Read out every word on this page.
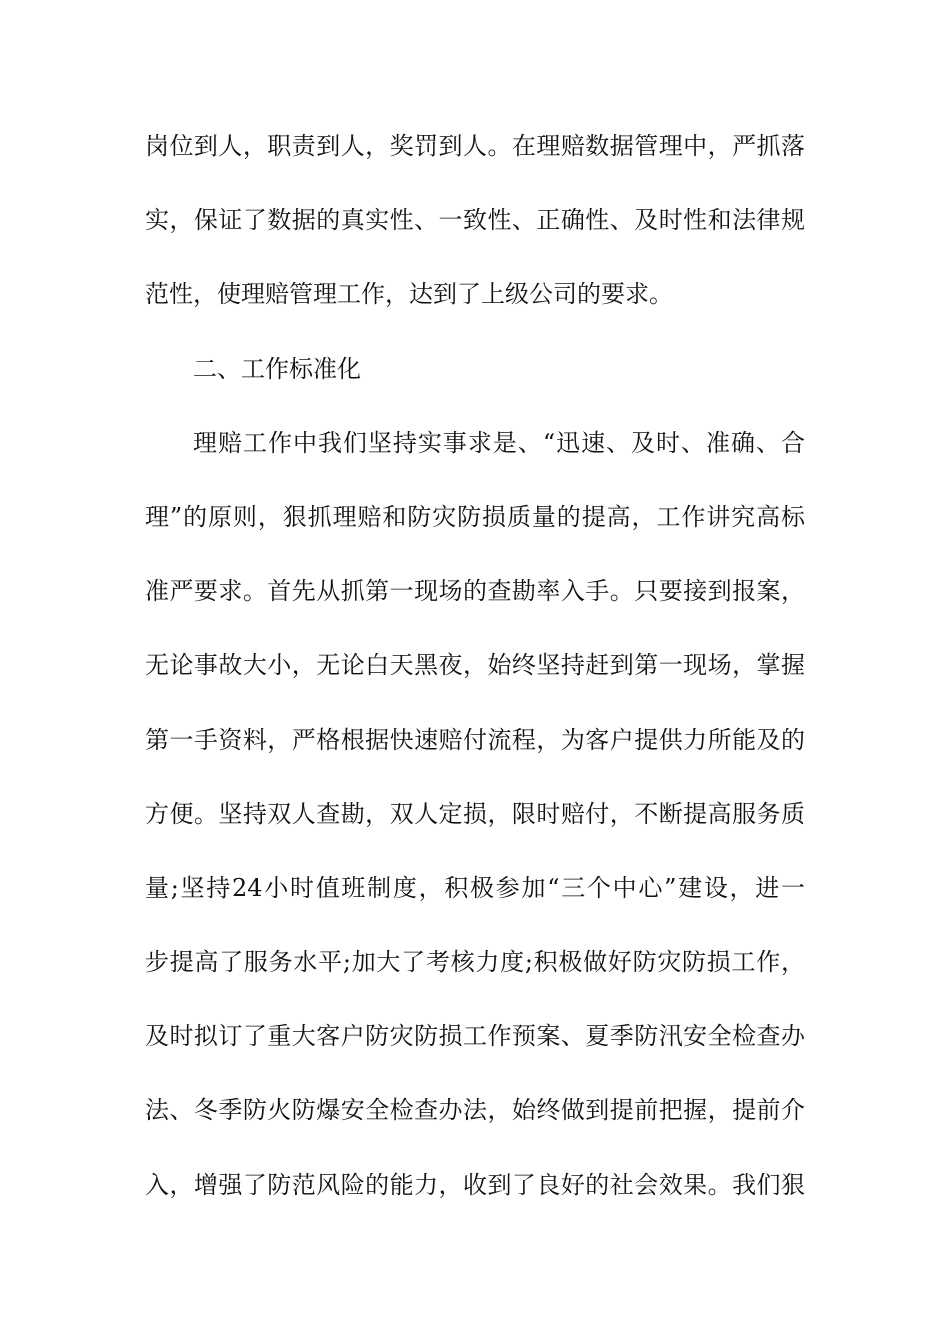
岗位到人，职责到人，奖罚到人。在理赔数据管理中，严抓落
实，保证了数据的真实性、一致性、正确性、及时性和法律规
范性，使理赔管理工作，达到了上级公司的要求。
二、工作标准化
理赔工作中我们坚持实事求是、“迅速、及时、准确、合
理”的原则，狠抓理赔和防灾防损质量的提高，工作讲究高标
准严要求。首先从抓第一现场的查勘率入手。只要接到报案，
无论事故大小，无论白天黑夜，始终坚持赶到第一现场，掌握
第一手资料，严格根据快速赔付流程，为客户提供力所能及的
方便。坚持双人查勘，双人定损，限时赔付，不断提高服务质
量;坚持24小时值班制度，积极参加“三个中心”建设，进一
步提高了服务水平;加大了考核力度;积极做好防灾防损工作，
及时拟订了重大客户防灾防损工作预案、夏季防汛安全检查办
法、冬季防火防爆安全检查办法，始终做到提前把握，提前介
入，增强了防范风险的能力，收到了良好的社会效果。我们狠
